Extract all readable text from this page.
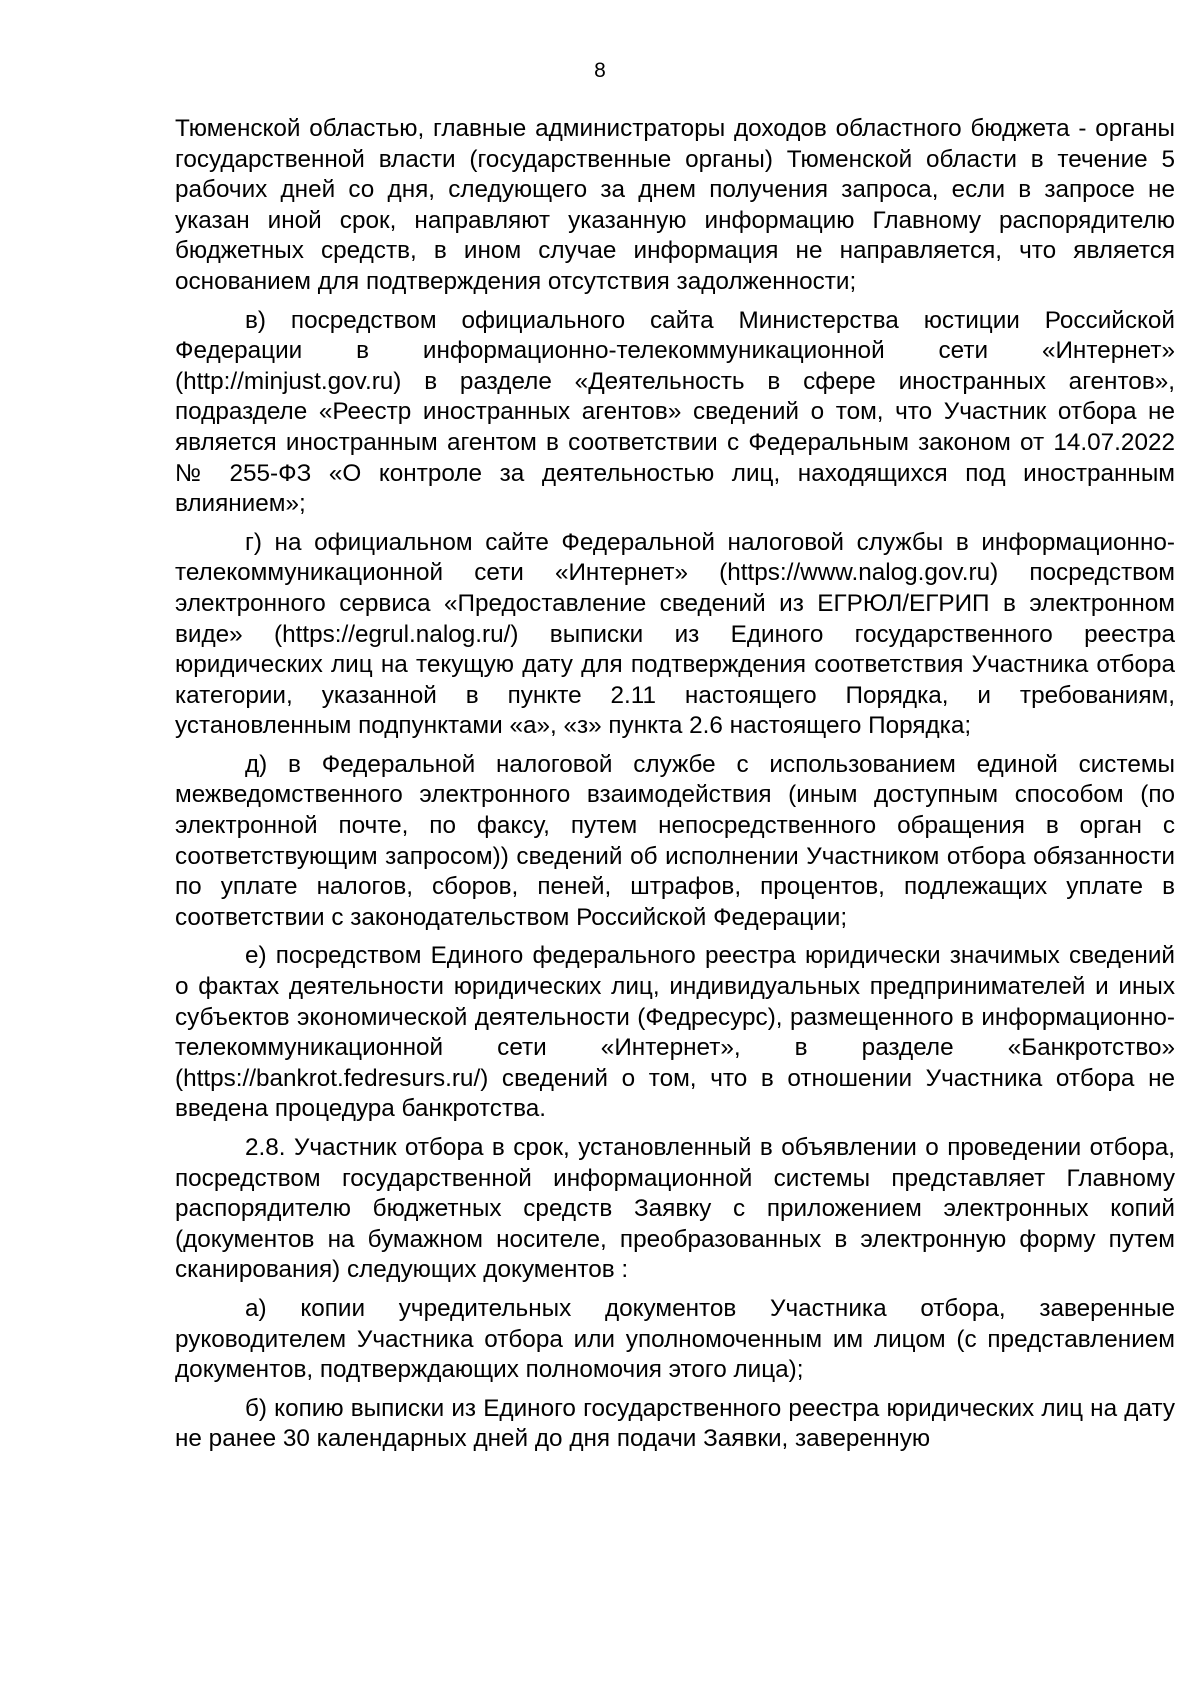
8

Тюменской областью, главные администраторы доходов областного бюджета - органы государственной власти (государственные органы) Тюменской области в течение 5 рабочих дней со дня, следующего за днем получения запроса, если в запросе не указан иной срок, направляют указанную информацию Главному распорядителю бюджетных средств, в ином случае информация не направляется, что является основанием для подтверждения отсутствия задолженности;

в) посредством официального сайта Министерства юстиции Российской Федерации в информационно-телекоммуникационной сети «Интернет» (http://minjust.gov.ru) в разделе «Деятельность в сфере иностранных агентов», подразделе «Реестр иностранных агентов» сведений о том, что Участник отбора не является иностранным агентом в соответствии с Федеральным законом от 14.07.2022 № 255-ФЗ «О контроле за деятельностью лиц, находящихся под иностранным влиянием»;

г) на официальном сайте Федеральной налоговой службы в информационно-телекоммуникационной сети «Интернет» (https://www.nalog.gov.ru) посредством электронного сервиса «Предоставление сведений из ЕГРЮЛ/ЕГРИП в электронном виде» (https://egrul.nalog.ru/) выписки из Единого государственного реестра юридических лиц на текущую дату для подтверждения соответствия Участника отбора категории, указанной в пункте 2.11 настоящего Порядка, и требованиям, установленным подпунктами «а», «з» пункта 2.6 настоящего Порядка;

д) в Федеральной налоговой службе с использованием единой системы межведомственного электронного взаимодействия (иным доступным способом (по электронной почте, по факсу, путем непосредственного обращения в орган с соответствующим запросом)) сведений об исполнении Участником отбора обязанности по уплате налогов, сборов, пеней, штрафов, процентов, подлежащих уплате в соответствии с законодательством Российской Федерации;

е) посредством Единого федерального реестра юридически значимых сведений о фактах деятельности юридических лиц, индивидуальных предпринимателей и иных субъектов экономической деятельности (Федресурс), размещенного в информационно-телекоммуникационной сети «Интернет», в разделе «Банкротство» (https://bankrot.fedresurs.ru/) сведений о том, что в отношении Участника отбора не введена процедура банкротства.

2.8. Участник отбора в срок, установленный в объявлении о проведении отбора, посредством государственной информационной системы представляет Главному распорядителю бюджетных средств Заявку с приложением электронных копий (документов на бумажном носителе, преобразованных в электронную форму путем сканирования) следующих документов :

а) копии учредительных документов Участника отбора, заверенные руководителем Участника отбора или уполномоченным им лицом (с представлением документов, подтверждающих полномочия этого лица);

б) копию выписки из Единого государственного реестра юридических лиц на дату не ранее 30 календарных дней до дня подачи Заявки, заверенную
